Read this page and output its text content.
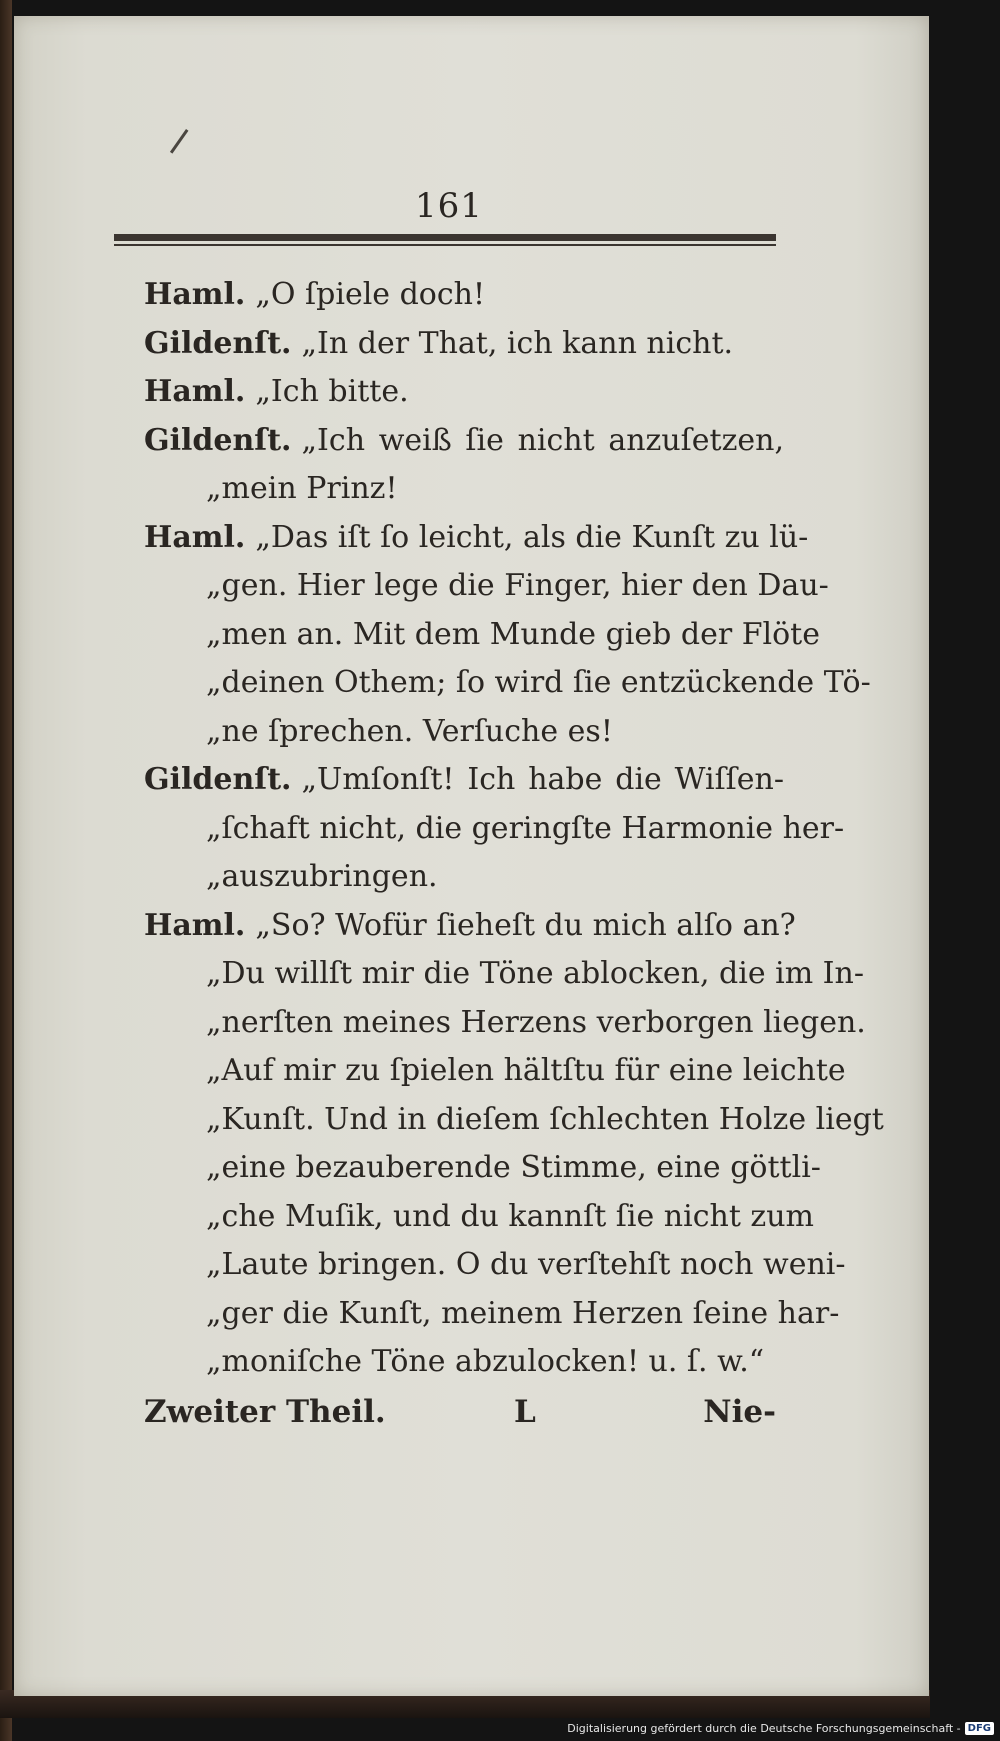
161
Haml. „O ſpiele doch!
Gildenſt. „In der That, ich kann nicht.
Haml. „Ich bitte.
Gildenſt. „Ich weiß ſie nicht anzuſetzen,
„mein Prinz!
Haml. „Das iſt ſo leicht, als die Kunſt zu lü-
„gen. Hier lege die Finger, hier den Dau-
„men an. Mit dem Munde gieb der Flöte
„deinen Othem; ſo wird ſie entzückende Tö-
„ne ſprechen. Verſuche es!
Gildenſt. „Umſonſt! Ich habe die Wiſſen-
„ſchaft nicht, die geringſte Harmonie her-
„auszubringen.
Haml. „So? Wofür ſieheſt du mich alſo an?
„Du willſt mir die Töne ablocken, die im In-
„nerſten meines Herzens verborgen liegen.
„Auf mir zu ſpielen hältſtu für eine leichte
„Kunſt. Und in dieſem ſchlechten Holze liegt
„eine bezauberende Stimme, eine göttli-
„che Muſik, und du kannſt ſie nicht zum
„Laute bringen. O du verſtehſt noch weni-
„ger die Kunſt, meinem Herzen ſeine har-
„moniſche Töne abzulocken! u. ſ. w.“
Zweiter Theil.	L	Nie-
Digitalisierung gefördert durch die Deutsche Forschungsgemeinschaft - DFG
